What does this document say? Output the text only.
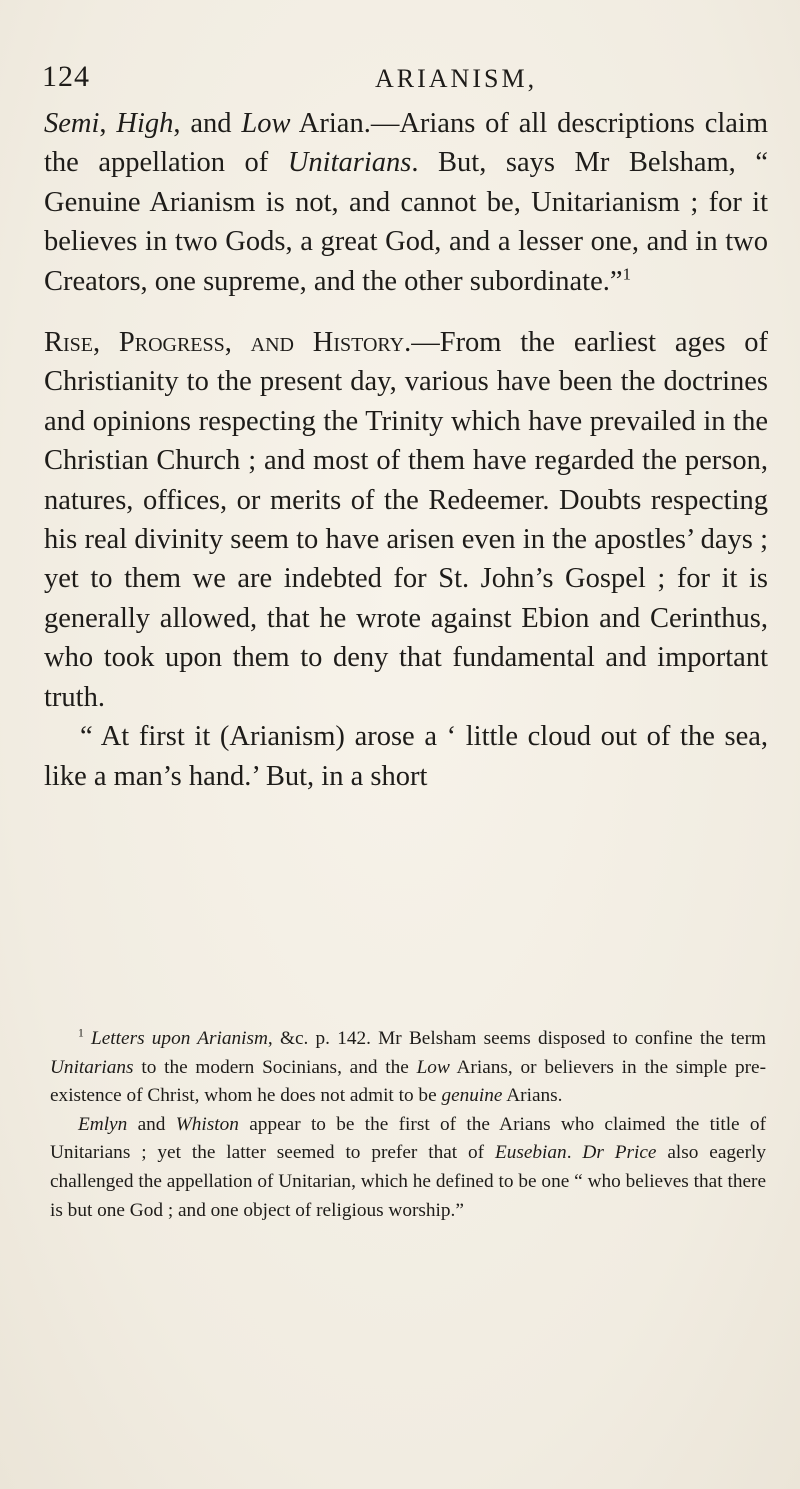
124	ARIANISM,

Semi, High, and Low Arian.—Arians of all descriptions claim the appellation of Unitarians. But, says Mr Belsham, “ Genuine Arianism is not, and cannot be, Unitarianism ; for it believes in two Gods, a great God, and a lesser one, and in two Creators, one supreme, and the other subordinate.”$^1$

Rise, Progress, and History.—From the earliest ages of Christianity to the present day, various have been the doctrines and opinions respecting the Trinity which have prevailed in the Christian Church ; and most of them have regarded the person, natures, offices, or merits of the Redeemer. Doubts respecting his real divinity seem to have arisen even in the apostles’ days ; yet to them we are indebted for St. John’s Gospel ; for it is generally allowed, that he wrote against Ebion and Cerinthus, who took upon them to deny that fundamental and important truth.

“ At first it (Arianism) arose a ‘ little cloud out of the sea, like a man’s hand.’ But, in a short

$^1$ Letters upon Arianism, &c. p. 142. Mr Belsham seems disposed to confine the term Unitarians to the modern Socinians, and the Low Arians, or believers in the simple pre-existence of Christ, whom he does not admit to be genuine Arians.

Emlyn and Whiston appear to be the first of the Arians who claimed the title of Unitarians ; yet the latter seemed to prefer that of Eusebian. Dr Price also eagerly challenged the appellation of Unitarian, which he defined to be one “ who believes that there is but one God ; and one object of religious worship.”
